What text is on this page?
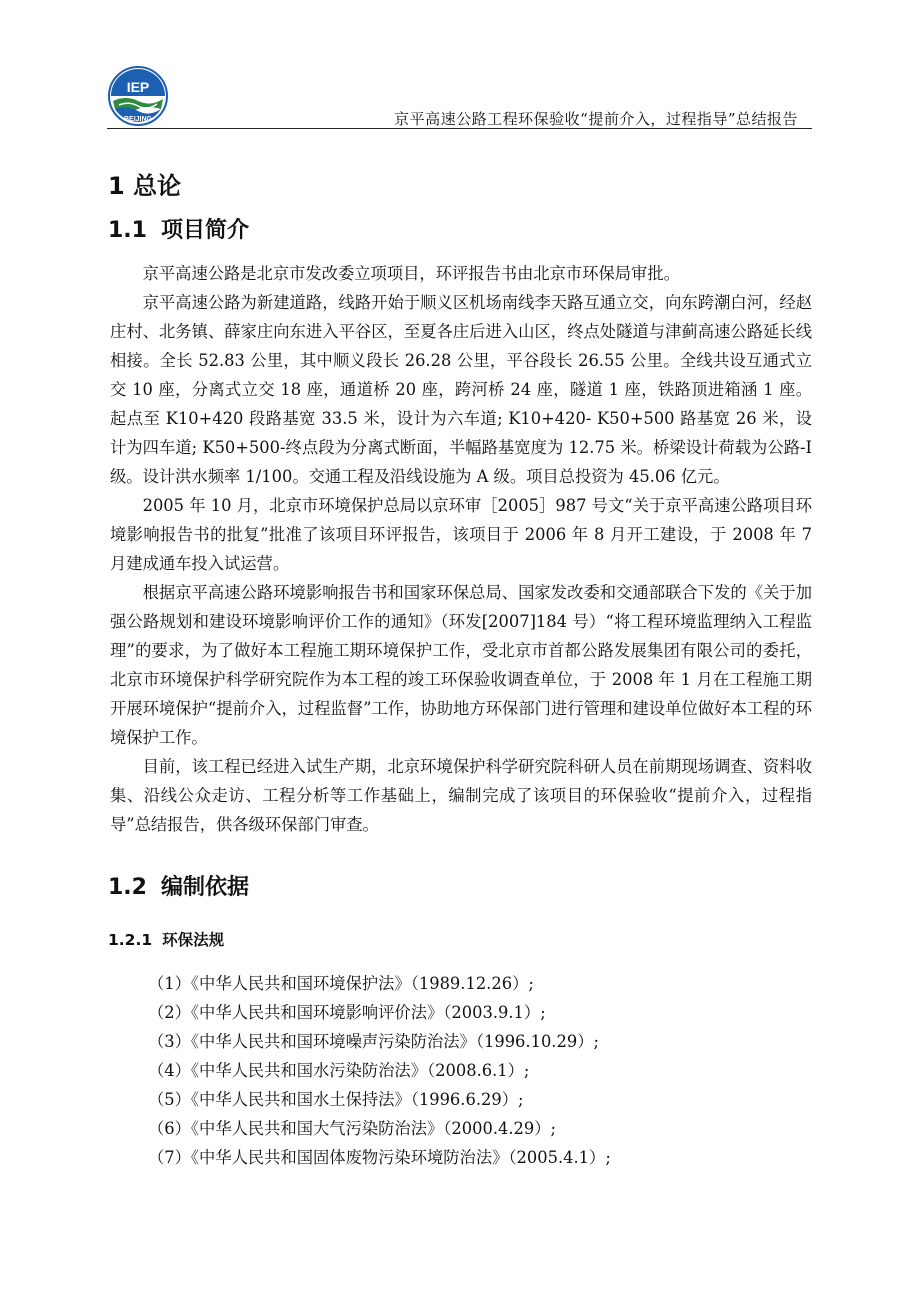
IEP
BEIJING	京平高速公路工程环保验收“提前介入，过程指导”总结报告
1 总论
1.1 项目简介

京平高速公路是北京市发改委立项项目，环评报告书由北京市环保局审批。

京平高速公路为新建道路，线路开始于顺义区机场南线李天路互通立交，向东跨潮白河，经赵庄村、北务镇、薛家庄向东进入平谷区，至夏各庄后进入山区，终点处隧道与津蓟高速公路延长线相接。全长 52.83 公里，其中顺义段长 26.28 公里，平谷段长 26.55 公里。全线共设互通式立交 10 座，分离式立交 18 座，通道桥 20 座，跨河桥 24 座，隧道 1 座，铁路顶进箱涵 1 座。起点至 K10+420 段路基宽 33.5 米，设计为六车道; K10+420- K50+500 路基宽 26 米，设计为四车道; K50+500-终点段为分离式断面，半幅路基宽度为 12.75 米。桥梁设计荷载为公路-I 级。设计洪水频率 1/100。交通工程及沿线设施为 A 级。项目总投资为 45.06 亿元。

2005 年 10 月，北京市环境保护总局以京环审［2005］987 号文“关于京平高速公路项目环境影响报告书的批复”批准了该项目环评报告，该项目于 2006 年 8 月开工建设，于 2008 年 7 月建成通车投入试运营。

根据京平高速公路环境影响报告书和国家环保总局、国家发改委和交通部联合下发的《关于加强公路规划和建设环境影响评价工作的通知》（环发[2007]184 号）“将工程环境监理纳入工程监理”的要求，为了做好本工程施工期环境保护工作，受北京市首都公路发展集团有限公司的委托，北京市环境保护科学研究院作为本工程的竣工环保验收调查单位，于 2008 年 1 月在工程施工期开展环境保护“提前介入，过程监督”工作，协助地方环保部门进行管理和建设单位做好本工程的环境保护工作。

目前，该工程已经进入试生产期，北京环境保护科学研究院科研人员在前期现场调查、资料收集、沿线公众走访、工程分析等工作基础上，编制完成了该项目的环保验收“提前介入，过程指导”总结报告，供各级环保部门审查。

1.2 编制依据
1.2.1 环保法规
（1）《中华人民共和国环境保护法》（1989.12.26）;
（2）《中华人民共和国环境影响评价法》（2003.9.1）;
（3）《中华人民共和国环境噪声污染防治法》（1996.10.29）;
（4）《中华人民共和国水污染防治法》（2008.6.1）;
（5）《中华人民共和国水土保持法》（1996.6.29）;
（6）《中华人民共和国大气污染防治法》（2000.4.29）;
（7）《中华人民共和国固体废物污染环境防治法》（2005.4.1）;
